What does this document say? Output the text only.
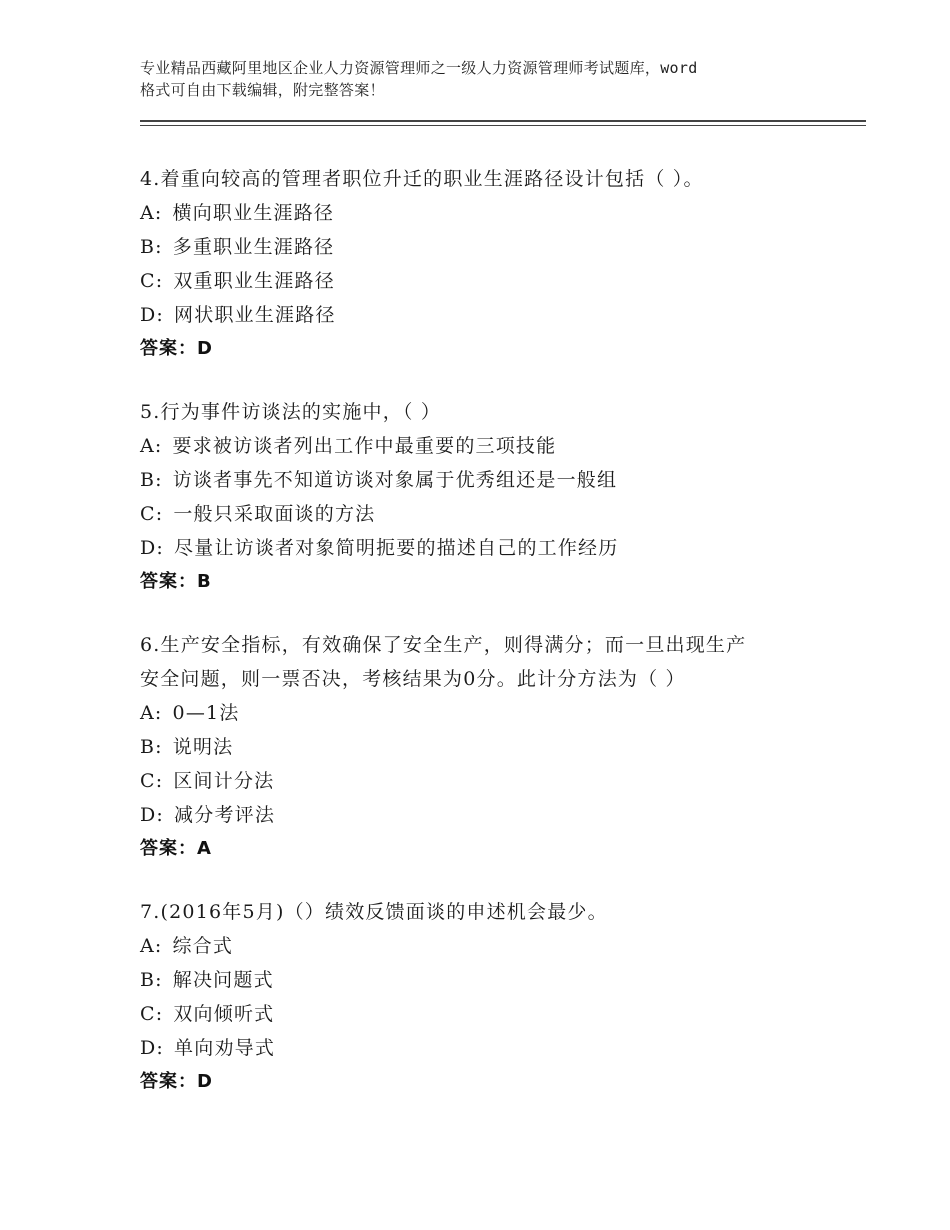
专业精品西藏阿里地区企业人力资源管理师之一级人力资源管理师考试题库，word
格式可自由下载编辑，附完整答案！
4.着重向较高的管理者职位升迁的职业生涯路径设计包括（ ）。
A: 横向职业生涯路径
B: 多重职业生涯路径
C: 双重职业生涯路径
D: 网状职业生涯路径
答案：D
5.行为事件访谈法的实施中，（ ）
A: 要求被访谈者列出工作中最重要的三项技能
B: 访谈者事先不知道访谈对象属于优秀组还是一般组
C: 一般只采取面谈的方法
D: 尽量让访谈者对象简明扼要的描述自己的工作经历
答案：B
6.生产安全指标，有效确保了安全生产，则得满分；而一旦出现生产
安全问题，则一票否决，考核结果为0分。此计分方法为（ ）
A: 0—1法
B: 说明法
C: 区间计分法
D: 减分考评法
答案：A
7.(2016年5月)（）绩效反馈面谈的申述机会最少。
A: 综合式
B: 解决问题式
C: 双向倾听式
D: 单向劝导式
答案：D
